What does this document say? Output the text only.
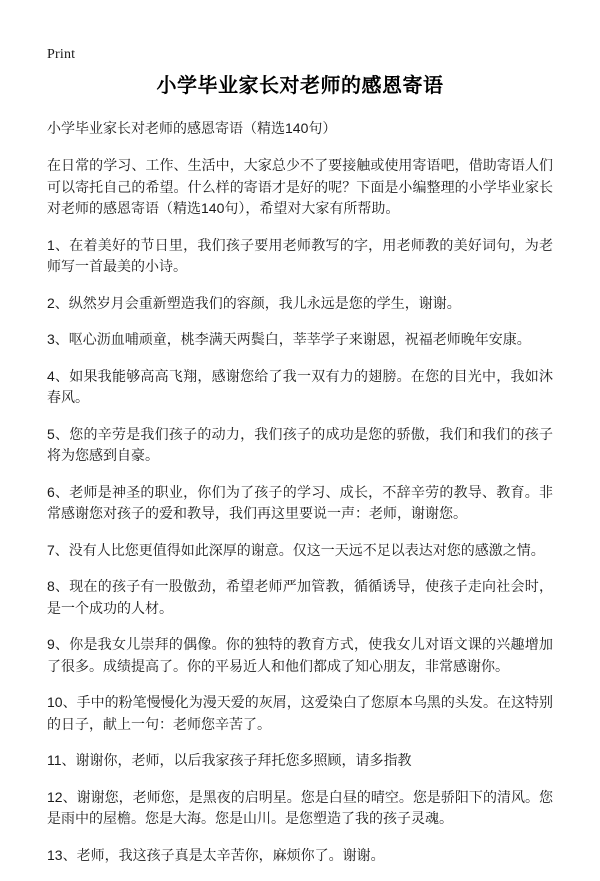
Print
小学毕业家长对老师的感恩寄语

小学毕业家长对老师的感恩寄语（精选140句）

在日常的学习、工作、生活中，大家总少不了要接触或使用寄语吧，借助寄语人们可以寄托自己的希望。什么样的寄语才是好的呢？下面是小编整理的小学毕业家长对老师的感恩寄语（精选140句），希望对大家有所帮助。

1、在着美好的节日里，我们孩子要用老师教写的字，用老师教的美好词句，为老师写一首最美的小诗。

2、纵然岁月会重新塑造我们的容颜，我儿永远是您的学生，谢谢。

3、呕心沥血哺顽童，桃李满天两鬓白，莘莘学子来谢恩，祝福老师晚年安康。

4、如果我能够高高飞翔，感谢您给了我一双有力的翅膀。在您的目光中，我如沐春风。

5、您的辛劳是我们孩子的动力，我们孩子的成功是您的骄傲，我们和我们的孩子将为您感到自豪。

6、老师是神圣的职业，你们为了孩子的学习、成长，不辞辛劳的教导、教育。非常感谢您对孩子的爱和教导，我们再这里要说一声：老师，谢谢您。

7、没有人比您更值得如此深厚的谢意。仅这一天远不足以表达对您的感激之情。

8、现在的孩子有一股傲劲，希望老师严加管教，循循诱导，使孩子走向社会时，是一个成功的人材。

9、你是我女儿崇拜的偶像。你的独特的教育方式，使我女儿对语文课的兴趣增加了很多。成绩提高了。你的平易近人和他们都成了知心朋友，非常感谢你。

10、手中的粉笔慢慢化为漫天爱的灰屑，这爱染白了您原本乌黑的头发。在这特别的日子，献上一句：老师您辛苦了。

11、谢谢你，老师，以后我家孩子拜托您多照顾，请多指教

12、谢谢您，老师您，是黑夜的启明星。您是白昼的晴空。您是骄阳下的清风。您是雨中的屋檐。您是大海。您是山川。是您塑造了我的孩子灵魂。

13、老师，我这孩子真是太辛苦你，麻烦你了。谢谢。
